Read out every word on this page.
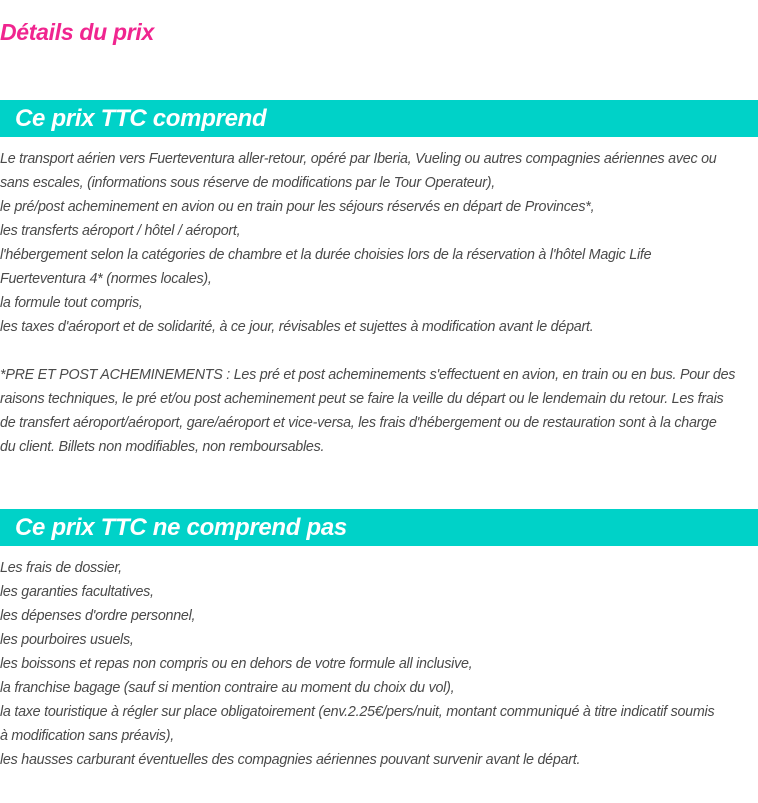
Détails du prix
Ce prix TTC comprend
Le transport aérien vers Fuerteventura aller-retour, opéré par Iberia, Vueling ou autres compagnies aériennes avec ou
sans escales, (informations sous réserve de modifications par le Tour Operateur),
le pré/post acheminement en avion ou en train pour les séjours réservés en départ de Provinces*,
les transferts aéroport / hôtel / aéroport,
l'hébergement selon la catégories de chambre et la durée choisies lors de la réservation à l'hôtel Magic Life
Fuerteventura 4* (normes locales),
la formule tout compris,
les taxes d'aéroport et de solidarité, à ce jour, révisables et sujettes à modification avant le départ.
*PRE ET POST ACHEMINEMENTS : Les pré et post acheminements s'effectuent en avion, en train ou en bus. Pour des
raisons techniques, le pré et/ou post acheminement peut se faire la veille du départ ou le lendemain du retour. Les frais
de transfert aéroport/aéroport, gare/aéroport et vice-versa, les frais d'hébergement ou de restauration sont à la charge
du client. Billets non modifiables, non remboursables.
Ce prix TTC ne comprend pas
Les frais de dossier,
les garanties facultatives,
les dépenses d'ordre personnel,
les pourboires usuels,
les boissons et repas non compris ou en dehors de votre formule all inclusive,
la franchise bagage (sauf si mention contraire au moment du choix du vol),
la taxe touristique à régler sur place obligatoirement (env.2.25€/pers/nuit, montant communiqué à titre indicatif soumis
à modification sans préavis),
les hausses carburant éventuelles des compagnies aériennes pouvant survenir avant le départ.
